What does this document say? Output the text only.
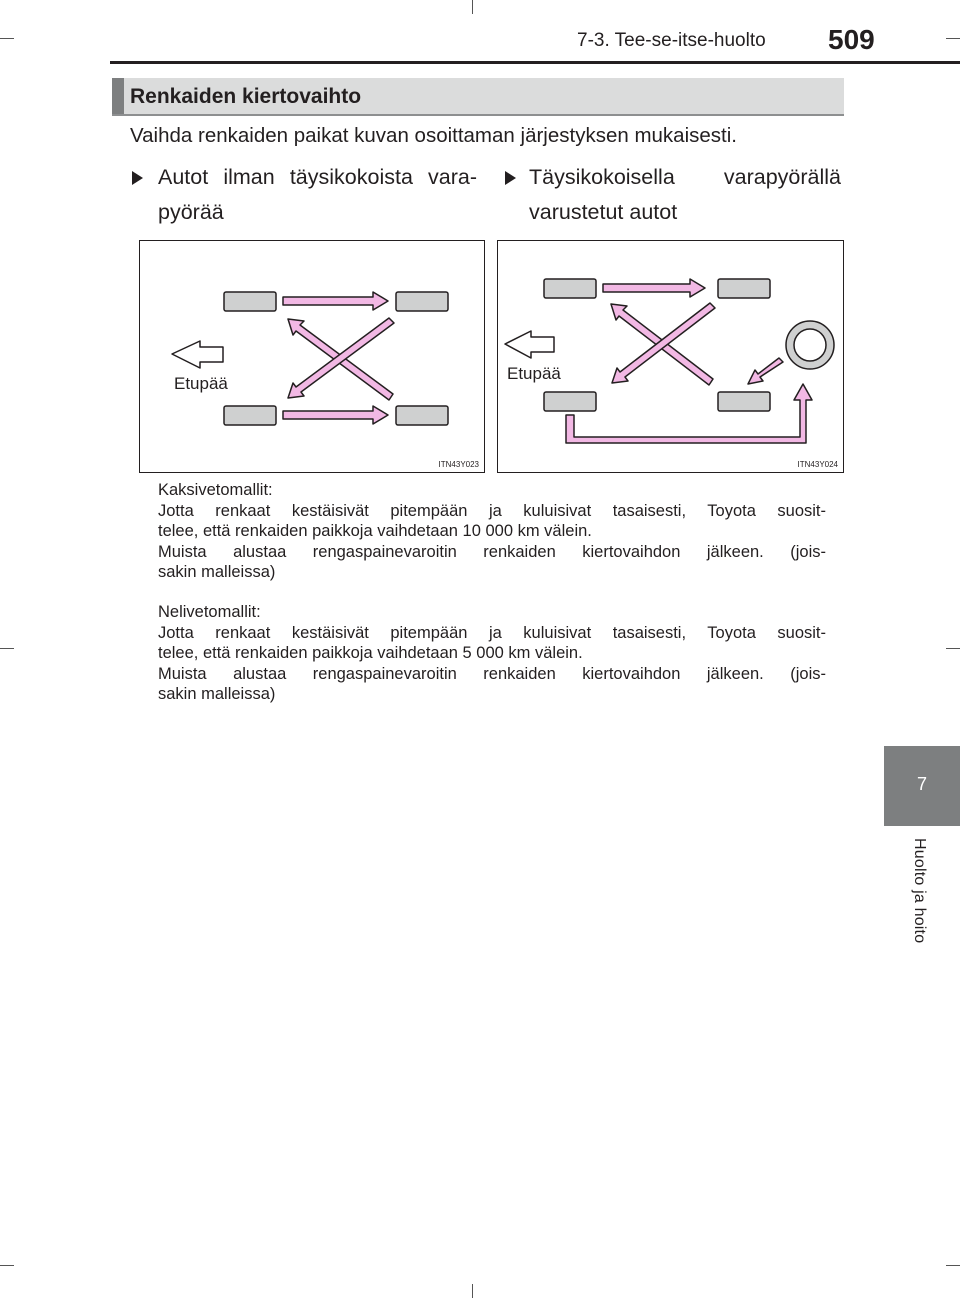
7-3. Tee-se-itse-huolto 509
7
Huolto ja hoito
Renkaiden kiertovaihto
Vaihda renkaiden paikat kuvan osoittaman järjestyksen mukaisesti.
Autot ilman täysikokoista vara-
pyörää
Täysikokoisella varapyörällä
varustetut autot
Etupää
ITN43Y023
Etupää
ITN43Y024

Kaksivetomallit:

Jotta renkaat kestäisivät pitempään ja kuluisivat tasaisesti, Toyota suosit-

telee, että renkaiden paikkoja vaihdetaan 10 000 km välein.

Muista alustaa rengaspainevaroitin renkaiden kiertovaihdon jälkeen. (jois-

sakin malleissa)

Nelivetomallit:

Jotta renkaat kestäisivät pitempään ja kuluisivat tasaisesti, Toyota suosit-

telee, että renkaiden paikkoja vaihdetaan 5 000 km välein.

Muista alustaa rengaspainevaroitin renkaiden kiertovaihdon jälkeen. (jois-

sakin malleissa)
